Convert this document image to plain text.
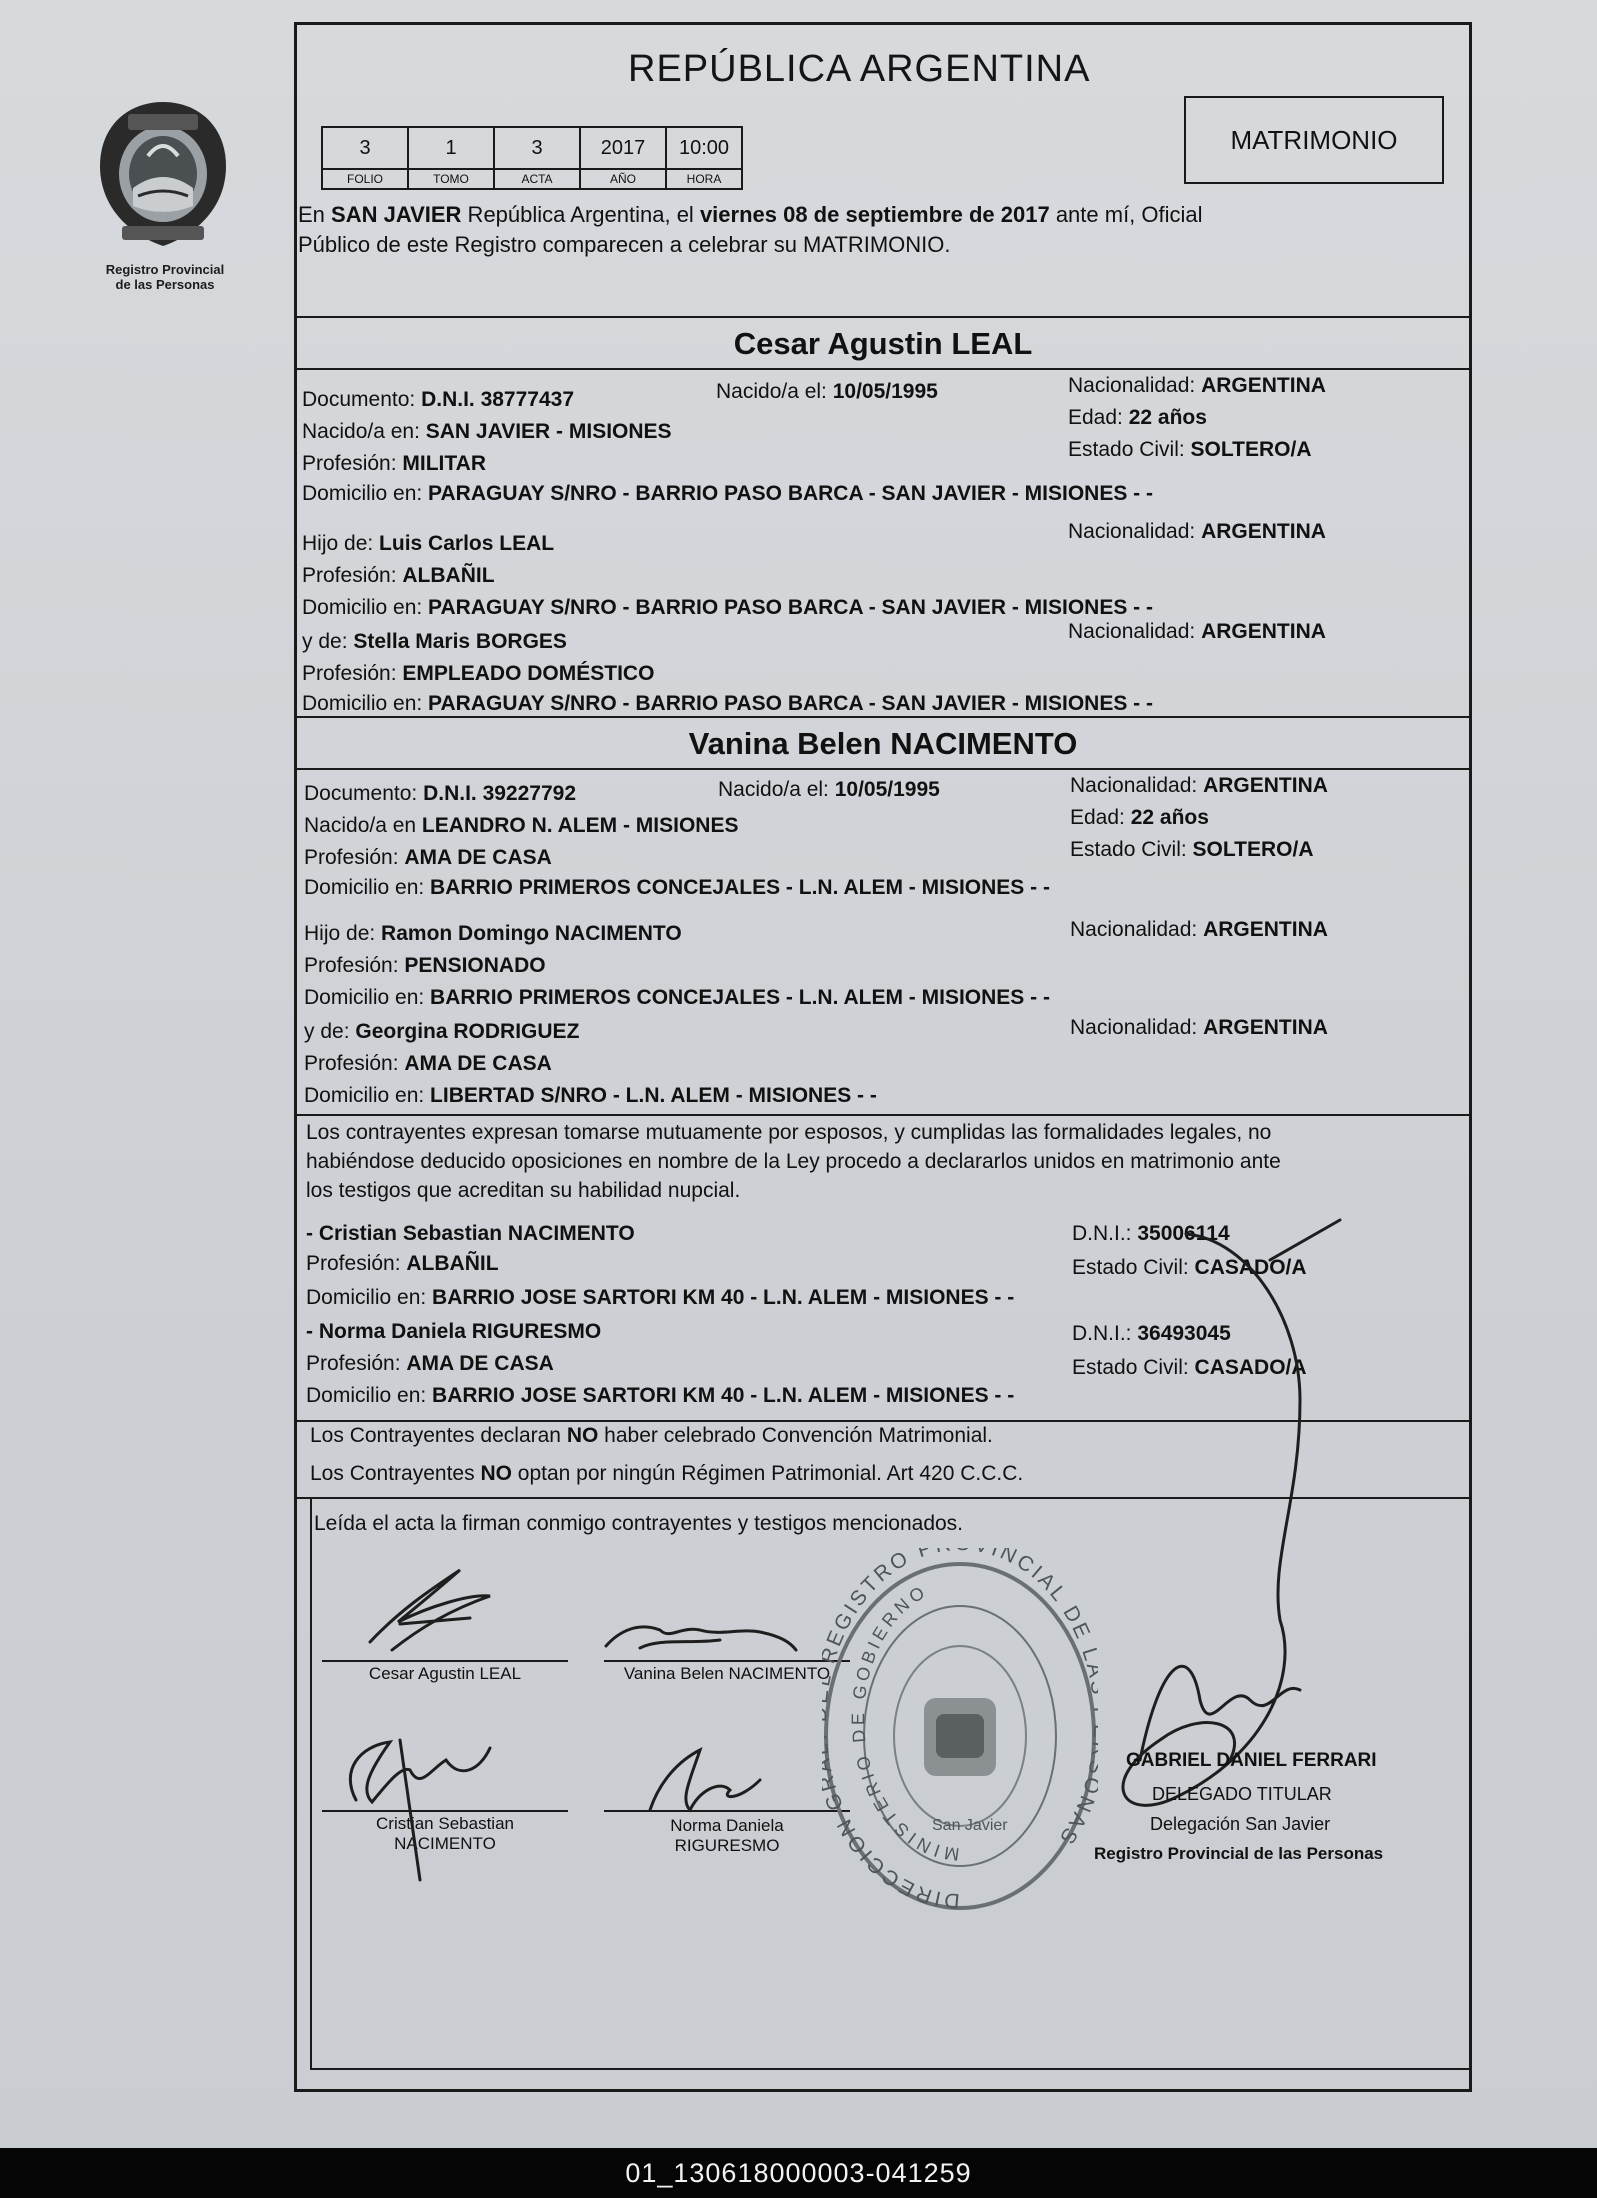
Registro Provincial
de las Personas
REPÚBLICA ARGENTINA
3	1	3	2017	10:00
FOLIO	TOMO	ACTA	AÑO	HORA
MATRIMONIO
En SAN JAVIER República Argentina, el viernes 08 de septiembre de 2017 ante mí, Oficial
Público de este Registro comparecen a celebrar su MATRIMONIO.
Cesar Agustin LEAL
Documento: D.N.I. 38777437	Nacido/a el: 10/05/1995	Nacionalidad: ARGENTINA
Nacido/a en: SAN JAVIER - MISIONES
Edad: 22 años
Profesión: MILITAR
Estado Civil: SOLTERO/A
Domicilio en: PARAGUAY S/NRO - BARRIO PASO BARCA - SAN JAVIER - MISIONES - -
Hijo de: Luis Carlos LEAL
Nacionalidad: ARGENTINA
Profesión: ALBAÑIL
Domicilio en: PARAGUAY S/NRO - BARRIO PASO BARCA - SAN JAVIER - MISIONES - -
y de: Stella Maris BORGES	Nacionalidad: ARGENTINA
Profesión: EMPLEADO DOMÉSTICO
Domicilio en: PARAGUAY S/NRO - BARRIO PASO BARCA - SAN JAVIER - MISIONES - -
Vanina Belen NACIMENTO
Documento: D.N.I. 39227792	Nacido/a el: 10/05/1995	Nacionalidad: ARGENTINA
Nacido/a en LEANDRO N. ALEM - MISIONES	Edad: 22 años
Profesión: AMA DE CASA	Estado Civil: SOLTERO/A
Domicilio en: BARRIO PRIMEROS CONCEJALES - L.N. ALEM - MISIONES - -
Hijo de: Ramon Domingo NACIMENTO	Nacionalidad: ARGENTINA
Profesión: PENSIONADO
Domicilio en: BARRIO PRIMEROS CONCEJALES - L.N. ALEM - MISIONES - -
y de: Georgina RODRIGUEZ	Nacionalidad: ARGENTINA
Profesión: AMA DE CASA
Domicilio en: LIBERTAD S/NRO - L.N. ALEM - MISIONES - -
Los contrayentes expresan tomarse mutuamente por esposos, y cumplidas las formalidades legales, no
habiéndose deducido oposiciones en nombre de la Ley procedo a declararlos unidos en matrimonio ante
los testigos que acreditan su habilidad nupcial.
- Cristian Sebastian NACIMENTO	D.N.I.: 35006114
Profesión: ALBAÑIL	Estado Civil: CASADO/A
Domicilio en: BARRIO JOSE SARTORI KM 40 - L.N. ALEM - MISIONES - -
- Norma Daniela RIGURESMO	D.N.I.: 36493045
Profesión: AMA DE CASA	Estado Civil: CASADO/A
Domicilio en: BARRIO JOSE SARTORI KM 40 - L.N. ALEM - MISIONES - -
Los Contrayentes declaran NO haber celebrado Convención Matrimonial.
Los Contrayentes NO optan por ningún Régimen Patrimonial. Art 420 C.C.C.
Leída el acta la firman conmigo contrayentes y testigos mencionados.
Cesar Agustin LEAL	Vanina Belen NACIMENTO
Cristian Sebastian
NACIMENTO
Norma Daniela
RIGURESMO
DIRECCION G EGISTRO P INCIAL DE NAS
MINISTERIO DE GOBIERNO
San Javier
GABRIEL DANIEL FERRARI
DELEGADO TITULAR
Delegación San Javier
Registro Provincial de las Personas
01_130618000003-041259
